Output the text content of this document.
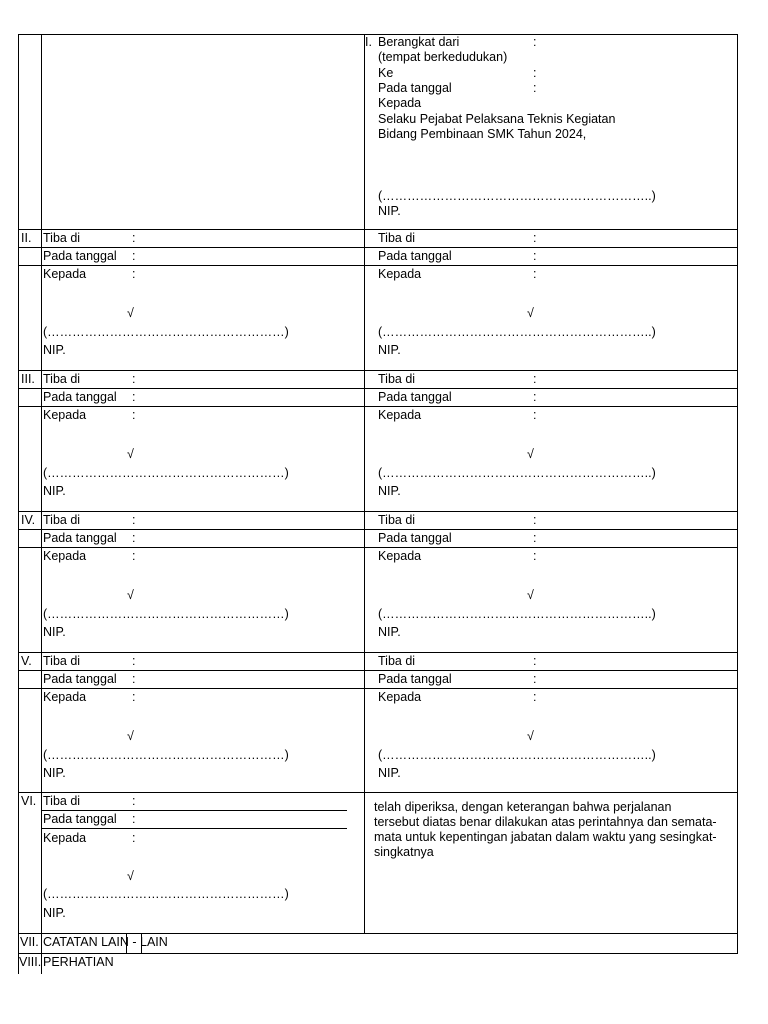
I. Berangkat dari	:
(tempat berkedudukan)
Ke	:
Pada tanggal	:
Kepada
Selaku Pejabat Pelaksana Teknis Kegiatan
Bidang Pembinaan SMK Tahun 2024,
(………………………………………………………..)
NIP.
II. Tiba di	:	Tiba di	:
Pada tanggal :	Pada tanggal	:
Kepada	:	Kepada	:
√	√
(…………………………………………………)	(………………………………………………………..)
NIP.	NIP.
III. Tiba di	:	Tiba di	:
Pada tanggal :	Pada tanggal	:
Kepada	:	Kepada	:
√	√
(…………………………………………………)	(………………………………………………………..)
NIP.	NIP.
IV. Tiba di	:	Tiba di	:
Pada tanggal :	Pada tanggal	:
Kepada	:	Kepada	:
√	√
(…………………………………………………)	(………………………………………………………..)
NIP.	NIP.
V. Tiba di	:	Tiba di	:
Pada tanggal :	Pada tanggal	:
Kepada	:	Kepada	:
√	√
(…………………………………………………)	(………………………………………………………..)
NIP.	NIP.
VI. Tiba di	:
Pada tanggal :
Kepada	:
√
(…………………………………………………)
NIP.
telah diperiksa, dengan keterangan bahwa perjalanan
tersebut diatas benar dilakukan atas perintahnya dan semata-
mata untuk kepentingan jabatan dalam waktu yang sesingkat-
singkatnya
VII. CATATAN LAIN - LAIN
VIII. PERHATIAN
